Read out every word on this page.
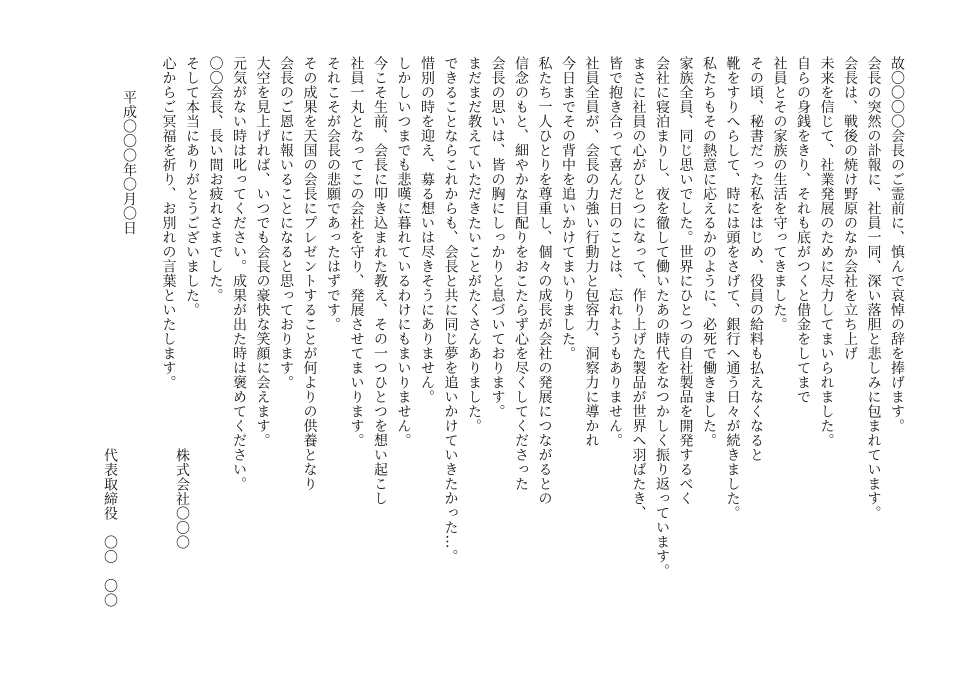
故〇〇〇〇会長のご霊前に、慎んで哀悼の辞を捧げます。
会長の突然の訃報に、社員一同、深い落胆と悲しみに包まれています。
会長は、戦後の焼け野原のなか会社を立ち上げ
未来を信じて、社業発展のために尽力してまいられました。
自らの身銭をきり、それも底がつくと借金をしてまで
社員とその家族の生活を守ってきました。
その頃、秘書だった私をはじめ、役員の給料も払えなくなると
靴をすりへらして、時には頭をさげて、銀行へ通う日々が続きました。
私たちもその熱意に応えるかのように、必死で働きました。
家族全員、同じ思いでした。世界にひとつの自社製品を開発するべく
会社に寝泊まりし、夜を徹して働いたあの時代をなつかしく振り返っています。
まさに社員の心がひとつになって、作り上げた製品が世界へ羽ばたき、
皆で抱き合って喜んだ日のことは、忘れようもありません。
社員全員が、会長の力強い行動力と包容力、洞察力に導かれ
今日までその背中を追いかけてまいりました。
私たち一人ひとりを尊重し、個々の成長が会社の発展につながるとの
信念のもと、細やかな目配りをおこたらず心を尽くしてくださった
会長の思いは、皆の胸にしっかりと息づいております。
まだまだ教えていただきたいことがたくさんありました。
できることならこれからも、会長と共に同じ夢を追いかけていきたかった…。
惜別の時を迎え、募る想いは尽きそうにありません。
しかしいつまでも悲嘆に暮れているわけにもまいりません。
今こそ生前、会長に叩き込まれた教え、その一つひとつを想い起こし
社員一丸となってこの会社を守り、発展させてまいります。
それこそが会長の悲願であったはずです。
その成果を天国の会長にプレゼントすることが何よりの供養となり
会長のご恩に報いることになると思っております。
大空を見上げれば、いつでも会長の豪快な笑顔に会えます。
元気がない時は叱ってください。成果が出た時は褒めてください。
〇〇会長、長い間お疲れさまでした。
そして本当にありがとうございました。
心からご冥福を祈り、お別れの言葉といたします。
平成〇〇〇年〇月〇日

株式会社〇〇〇

代表取締役　〇〇　〇〇
